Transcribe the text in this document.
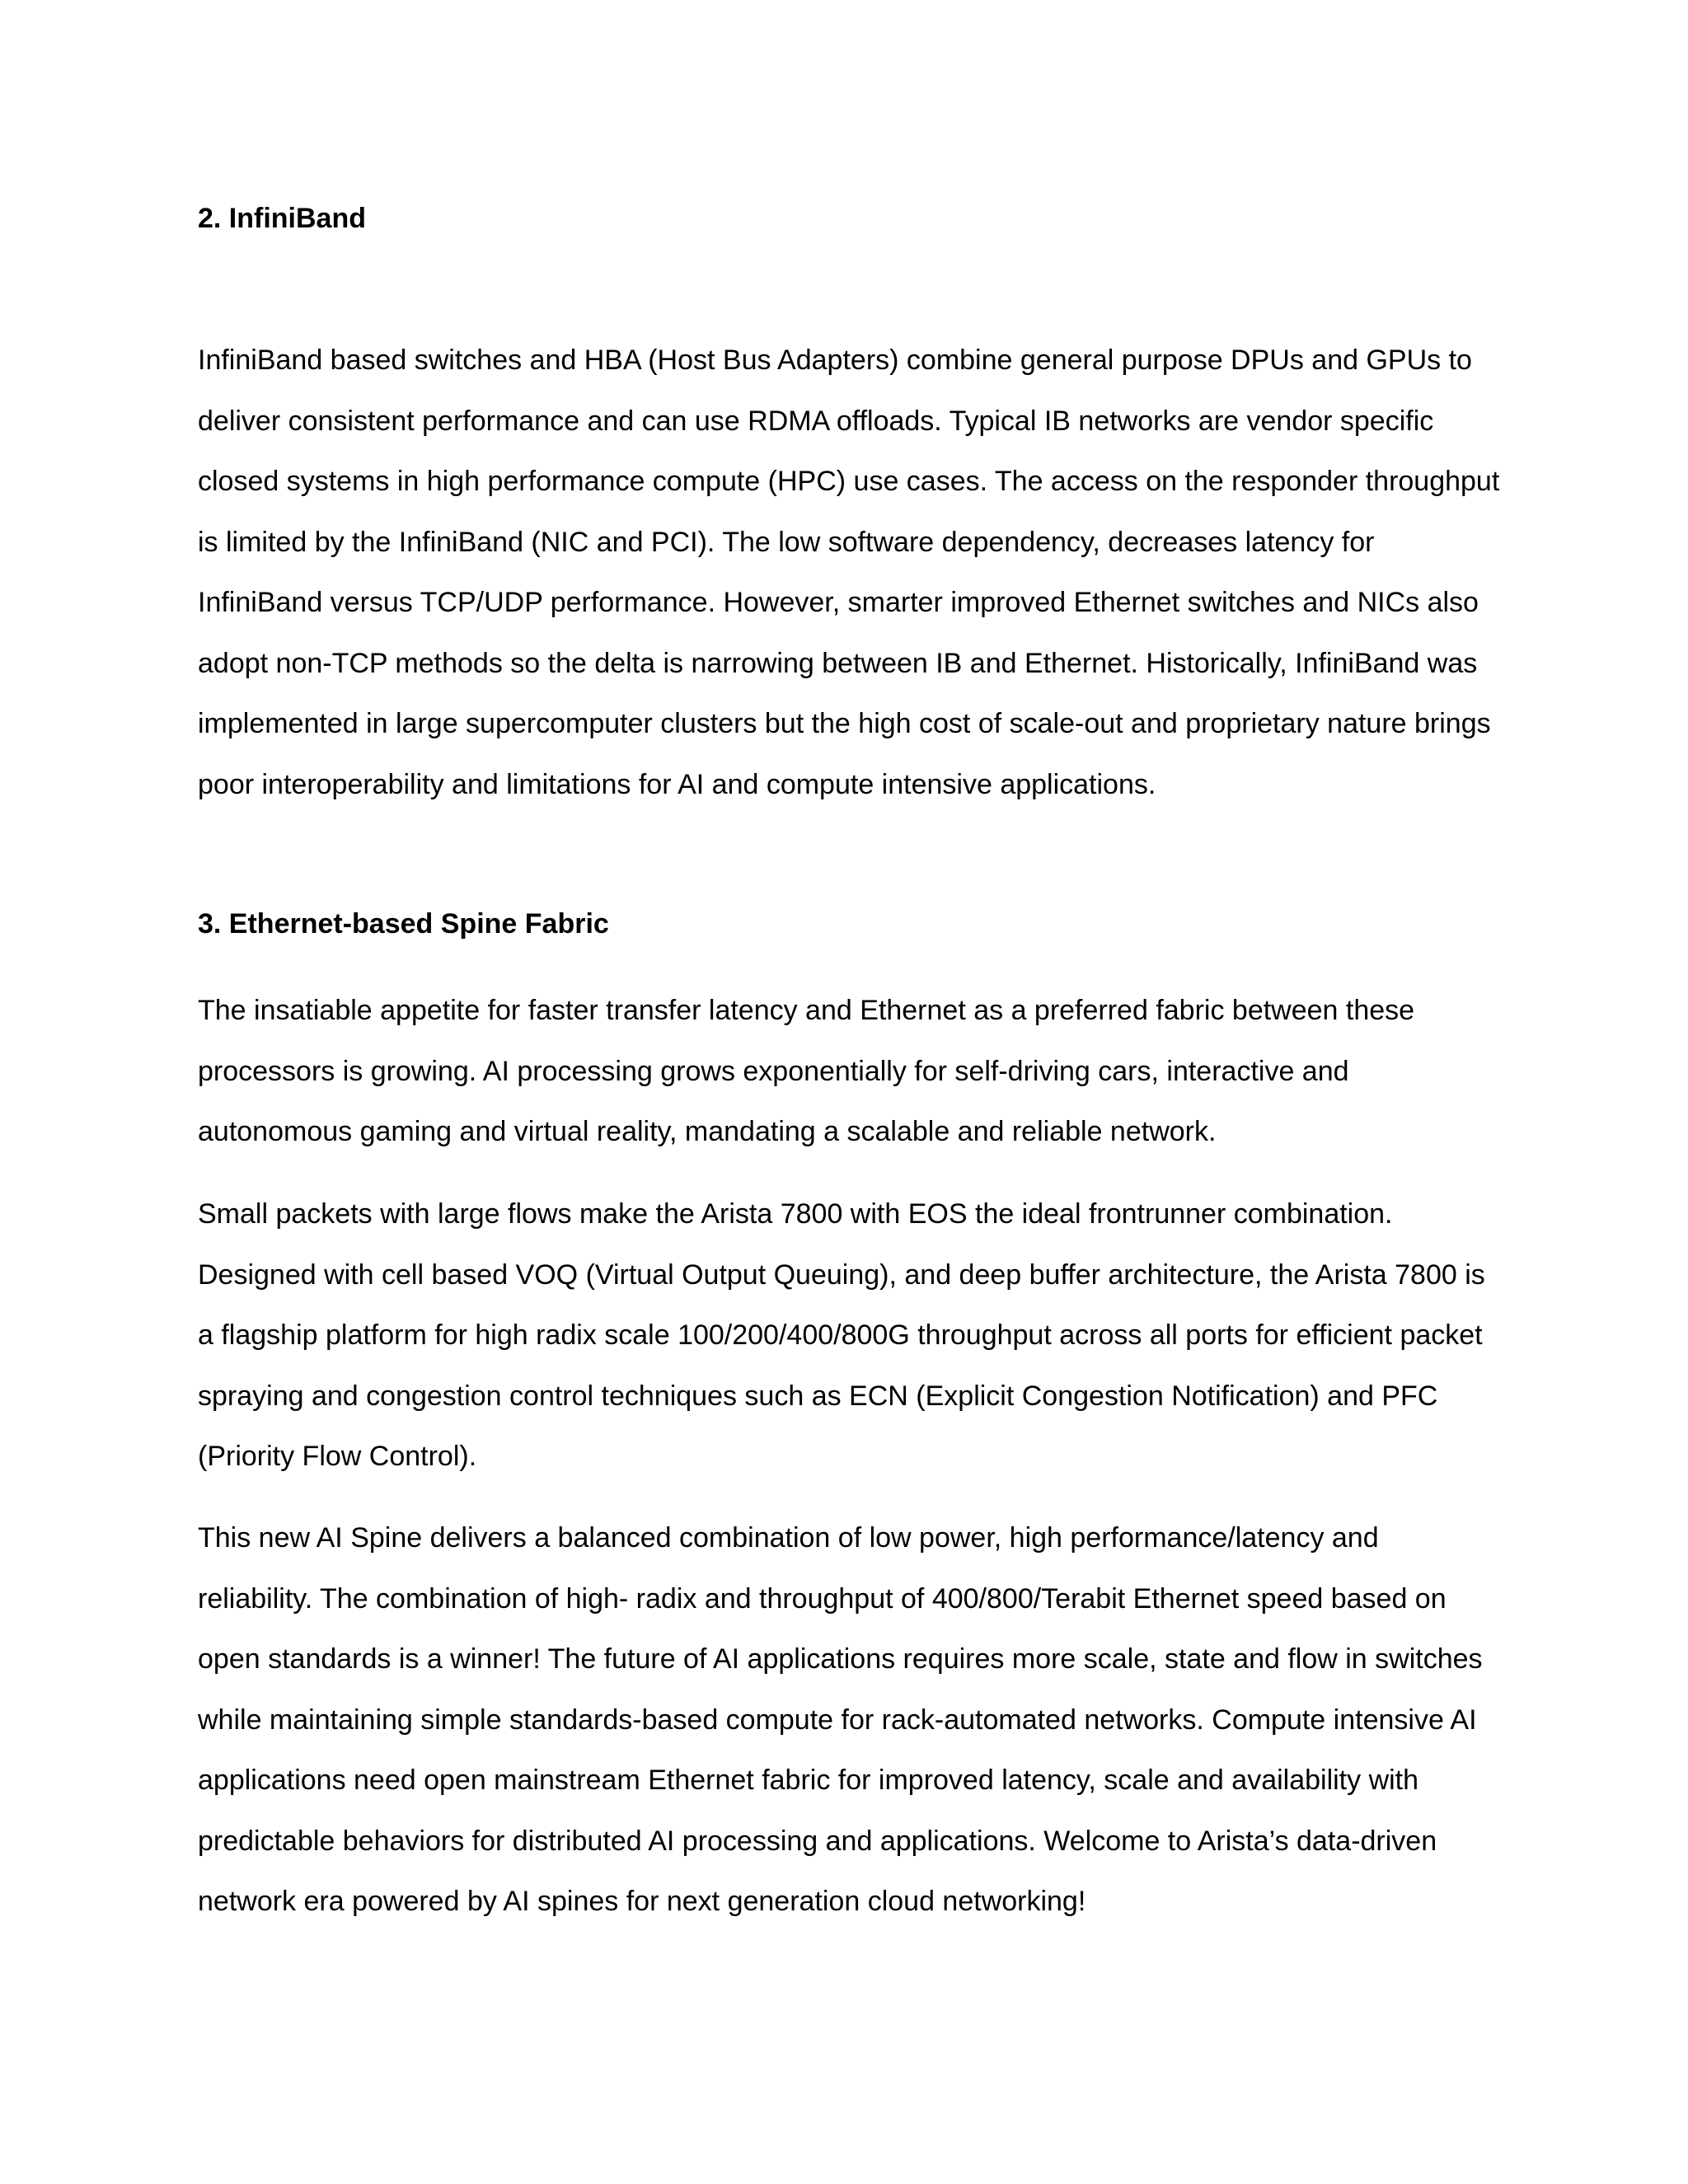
2. InfiniBand

InfiniBand based switches and HBA (Host Bus Adapters) combine general purpose DPUs and GPUs to deliver consistent performance and can use RDMA offloads. Typical IB networks are vendor specific closed systems in high performance compute (HPC) use cases. The access on the responder throughput is limited by the InfiniBand (NIC and PCI). The low software dependency, decreases latency for InfiniBand versus TCP/UDP performance. However, smarter improved Ethernet switches and NICs also adopt non-TCP methods so the delta is narrowing between IB and Ethernet. Historically, InfiniBand was implemented in large supercomputer clusters but the high cost of scale-out and proprietary nature brings poor interoperability and limitations for AI and compute intensive applications.

3. Ethernet-based Spine Fabric

The insatiable appetite for faster transfer latency and Ethernet as a preferred fabric between these processors is growing. AI processing grows exponentially for self-driving cars, interactive and autonomous gaming and virtual reality, mandating a scalable and reliable network.

Small packets with large flows make the Arista 7800 with EOS the ideal frontrunner combination. Designed with cell based VOQ (Virtual Output Queuing), and deep buffer architecture, the Arista 7800 is a flagship platform for high radix scale 100/200/400/800G throughput across all ports for efficient packet spraying and congestion control techniques such as ECN (Explicit Congestion Notification) and PFC (Priority Flow Control).

This new AI Spine delivers a balanced combination of low power, high performance/latency and reliability. The combination of high- radix and throughput of 400/800/Terabit Ethernet speed based on open standards is a winner! The future of AI applications requires more scale, state and flow in switches while maintaining simple standards-based compute for rack-automated networks. Compute intensive AI applications need open mainstream Ethernet fabric for improved latency, scale and availability with predictable behaviors for distributed AI processing and applications. Welcome to Arista’s data-driven network era powered by AI spines for next generation cloud networking!
